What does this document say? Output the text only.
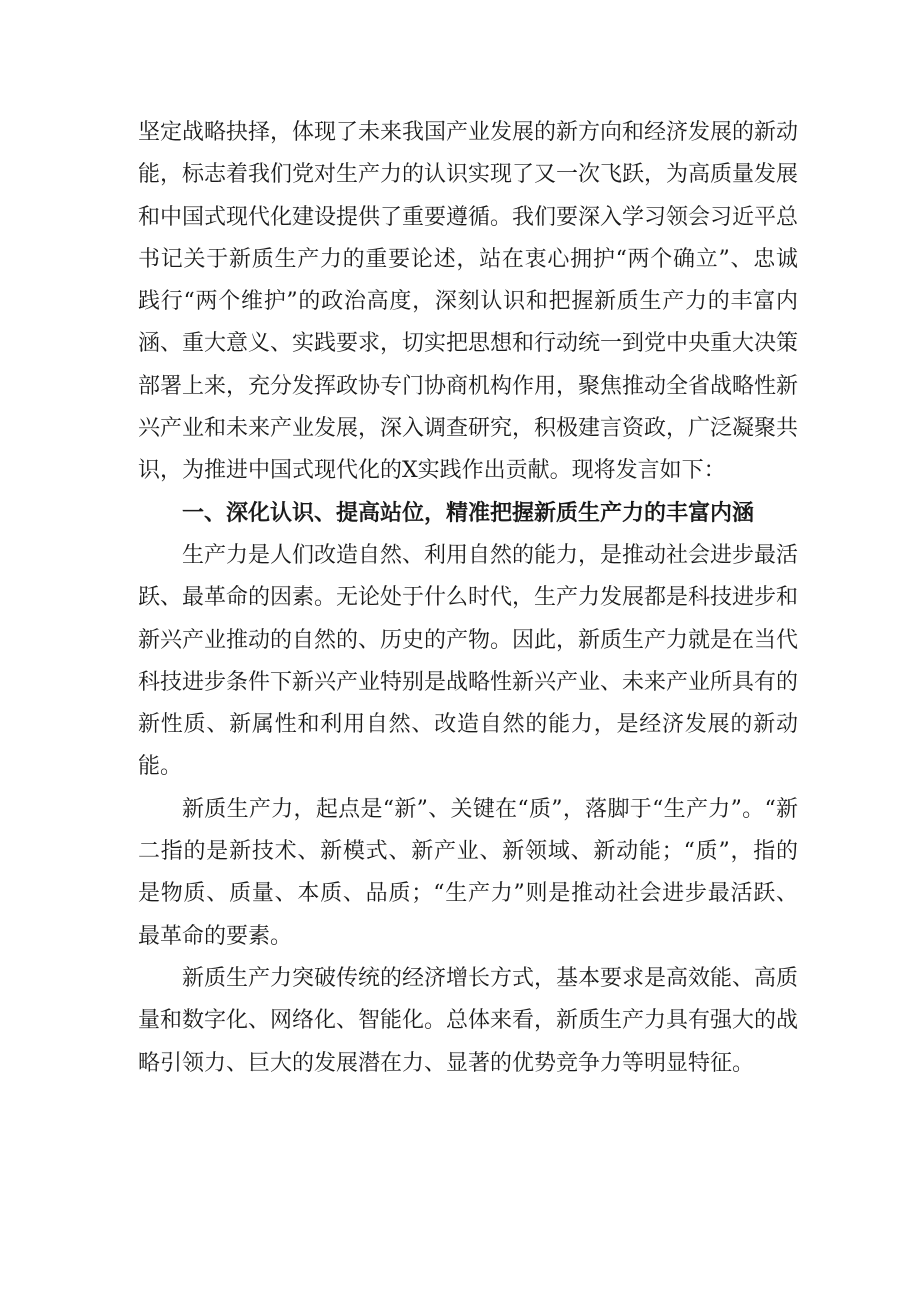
坚定战略抉择，体现了未来我国产业发展的新方向和经济发展的新动能，标志着我们党对生产力的认识实现了又一次飞跃，为高质量发展和中国式现代化建设提供了重要遵循。我们要深入学习领会习近平总书记关于新质生产力的重要论述，站在衷心拥护“两个确立”、忠诚践行“两个维护”的政治高度，深刻认识和把握新质生产力的丰富内涵、重大意义、实践要求，切实把思想和行动统一到党中央重大决策部署上来，充分发挥政协专门协商机构作用，聚焦推动全省战略性新兴产业和未来产业发展，深入调查研究，积极建言资政，广泛凝聚共识，为推进中国式现代化的X实践作出贡献。现将发言如下：

一、深化认识、提高站位，精准把握新质生产力的丰富内涵

生产力是人们改造自然、利用自然的能力，是推动社会进步最活跃、最革命的因素。无论处于什么时代，生产力发展都是科技进步和新兴产业推动的自然的、历史的产物。因此，新质生产力就是在当代科技进步条件下新兴产业特别是战略性新兴产业、未来产业所具有的新性质、新属性和利用自然、改造自然的能力，是经济发展的新动能。

新质生产力，起点是“新”、关键在“质”，落脚于“生产力”。“新二指的是新技术、新模式、新产业、新领域、新动能；“质”，指的是物质、质量、本质、品质；“生产力”则是推动社会进步最活跃、最革命的要素。

新质生产力突破传统的经济增长方式，基本要求是高效能、高质量和数字化、网络化、智能化。总体来看，新质生产力具有强大的战略引领力、巨大的发展潜在力、显著的优势竞争力等明显特征。
